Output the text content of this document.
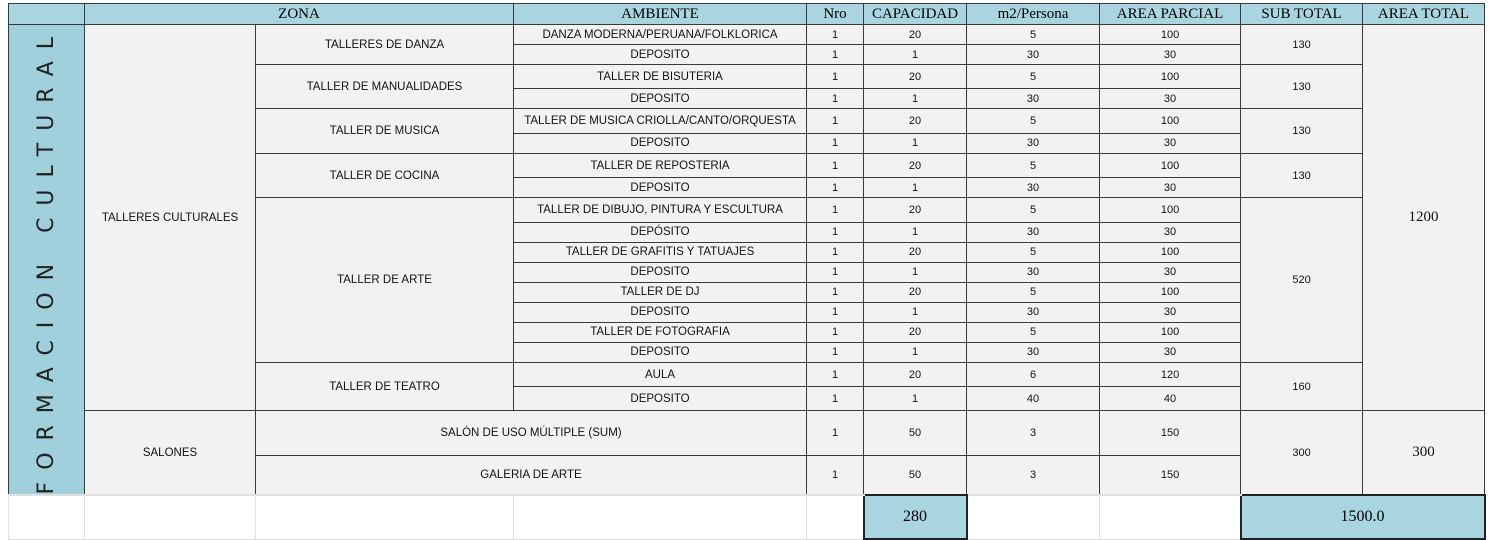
	ZONA		AMBIENTE	Nro	CAPACIDAD	m2/Persona	AREA PARCIAL	SUB TOTAL	AREA TOTAL

FORMACION CULTURAL	TALLERES CULTURALES	TALLERES DE DANZA	DANZA MODERNA/PERUANA/FOLKLORICA	1	20	5	100	130	1200
			DEPOSITO	1	1	30	30		
		TALLER DE MANUALIDADES	TALLER DE BISUTERIA	1	20	5	100	130	
			DEPOSITO	1	1	30	30		
		TALLER DE MUSICA	TALLER DE MUSICA CRIOLLA/CANTO/ORQUESTA	1	20	5	100	130	
			DEPOSITO	1	1	30	30		
		TALLER DE COCINA	TALLER DE REPOSTERIA	1	20	5	100	130	
			DEPOSITO	1	1	30	30		
		TALLER DE ARTE	TALLER DE DIBUJO, PINTURA Y ESCULTURA	1	20	5	100	520	
			DEPÓSITO	1	1	30	30		
			TALLER DE GRAFITIS Y TATUAJES	1	20	5	100		
			DEPOSITO	1	1	30	30		
			TALLER DE DJ	1	20	5	100		
			DEPOSITO	1	1	30	30		
			TALLER DE FOTOGRAFIA	1	20	5	100		
			DEPOSITO	1	1	30	30		
		TALLER DE TEATRO	AULA	1	20	6	120	160	
			DEPOSITO	1	1	40	40		
	SALONES	SALÓN DE USO MÚLTIPLE (SUM)		1	50	3	150	300	300
		GALERIA DE ARTE		1	50	3	150		
					280			1500.0	
